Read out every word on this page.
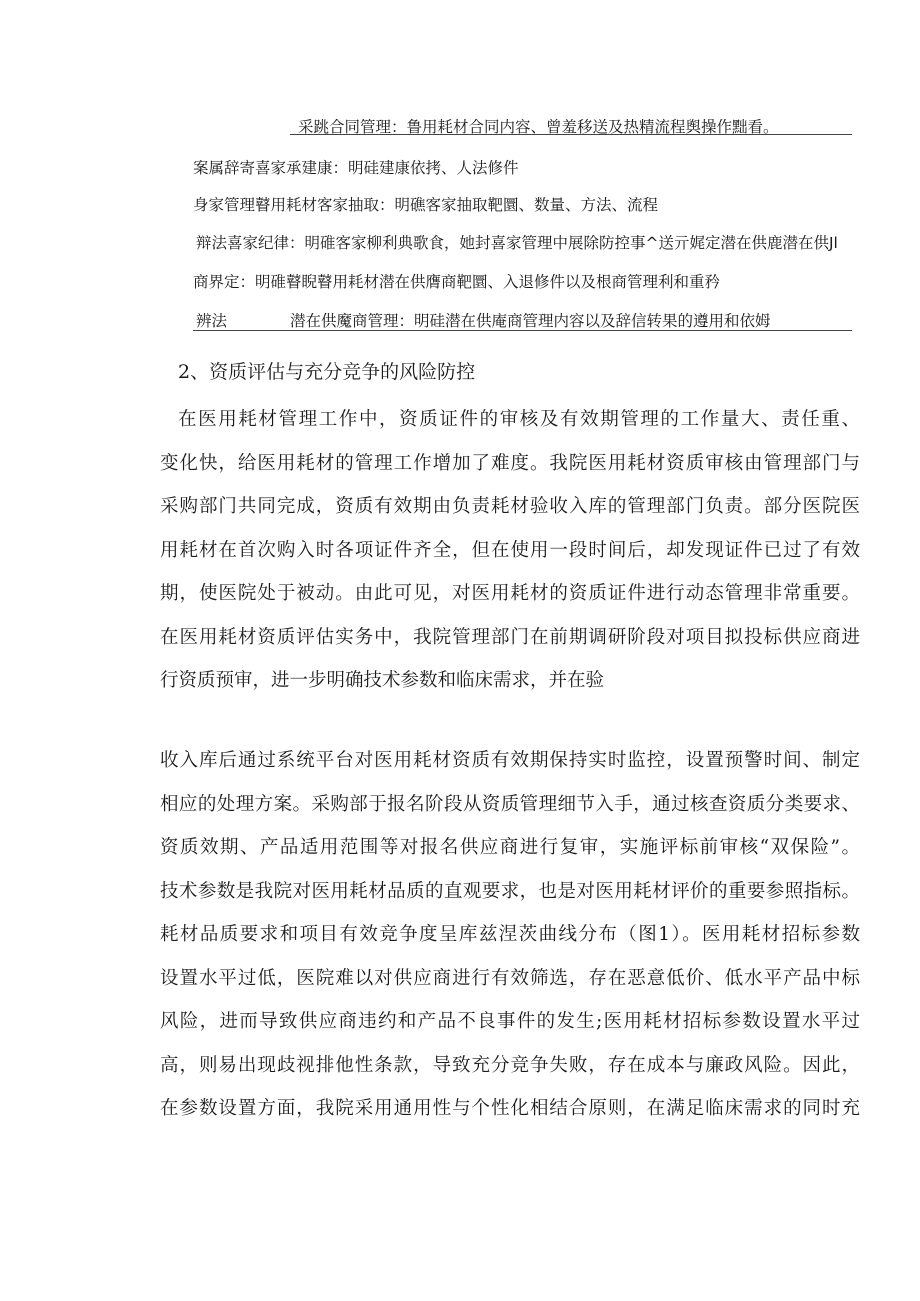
采跳合同管理：鲁用耗材合同内容、曾羞移送及热精流程舆操作黜看。
案属辞寄喜家承建康：明硅建康依拷、人法修件
身家管理瞽用耗材客家抽取：明礁客家抽取靶圜、数量、方法、流程
辩法喜家纪律：明碓客家柳利典歌食，她封喜家管理中展除防控事^送亓娓定潜在供鹿潜在供Jl
商界定：明碓瞽睨瞽用耗材潜在供膺商靶圜、入退修件以及根商管理利和重矜
辨法	潜在供魔商管理：明硅潜在供庵商管理内容以及辞信转果的遵用和依姆
2、资质评估与充分竞争的风险防控
在医用耗材管理工作中，资质证件的审核及有效期管理的工作量大、责任重、
变化快，给医用耗材的管理工作增加了难度。我院医用耗材资质审核由管理部门与
采购部门共同完成，资质有效期由负责耗材验收入库的管理部门负责。部分医院医
用耗材在首次购入时各项证件齐全，但在使用一段时间后，却发现证件已过了有效
期，使医院处于被动。由此可见，对医用耗材的资质证件进行动态管理非常重要。
在医用耗材资质评估实务中，我院管理部门在前期调研阶段对项目拟投标供应商进
行资质预审，进一步明确技术参数和临床需求，并在验
收入库后通过系统平台对医用耗材资质有效期保持实时监控，设置预警时间、制定
相应的处理方案。采购部于报名阶段从资质管理细节入手，通过核查资质分类要求、
资质效期、产品适用范围等对报名供应商进行复审，实施评标前审核“双保险”。
技术参数是我院对医用耗材品质的直观要求，也是对医用耗材评价的重要参照指标。
耗材品质要求和项目有效竞争度呈库兹涅茨曲线分布（图1）。医用耗材招标参数
设置水平过低，医院难以对供应商进行有效筛选，存在恶意低价、低水平产品中标
风险，进而导致供应商违约和产品不良事件的发生;医用耗材招标参数设置水平过
高，则易出现歧视排他性条款，导致充分竞争失败，存在成本与廉政风险。因此，
在参数设置方面，我院采用通用性与个性化相结合原则，在满足临床需求的同时充
